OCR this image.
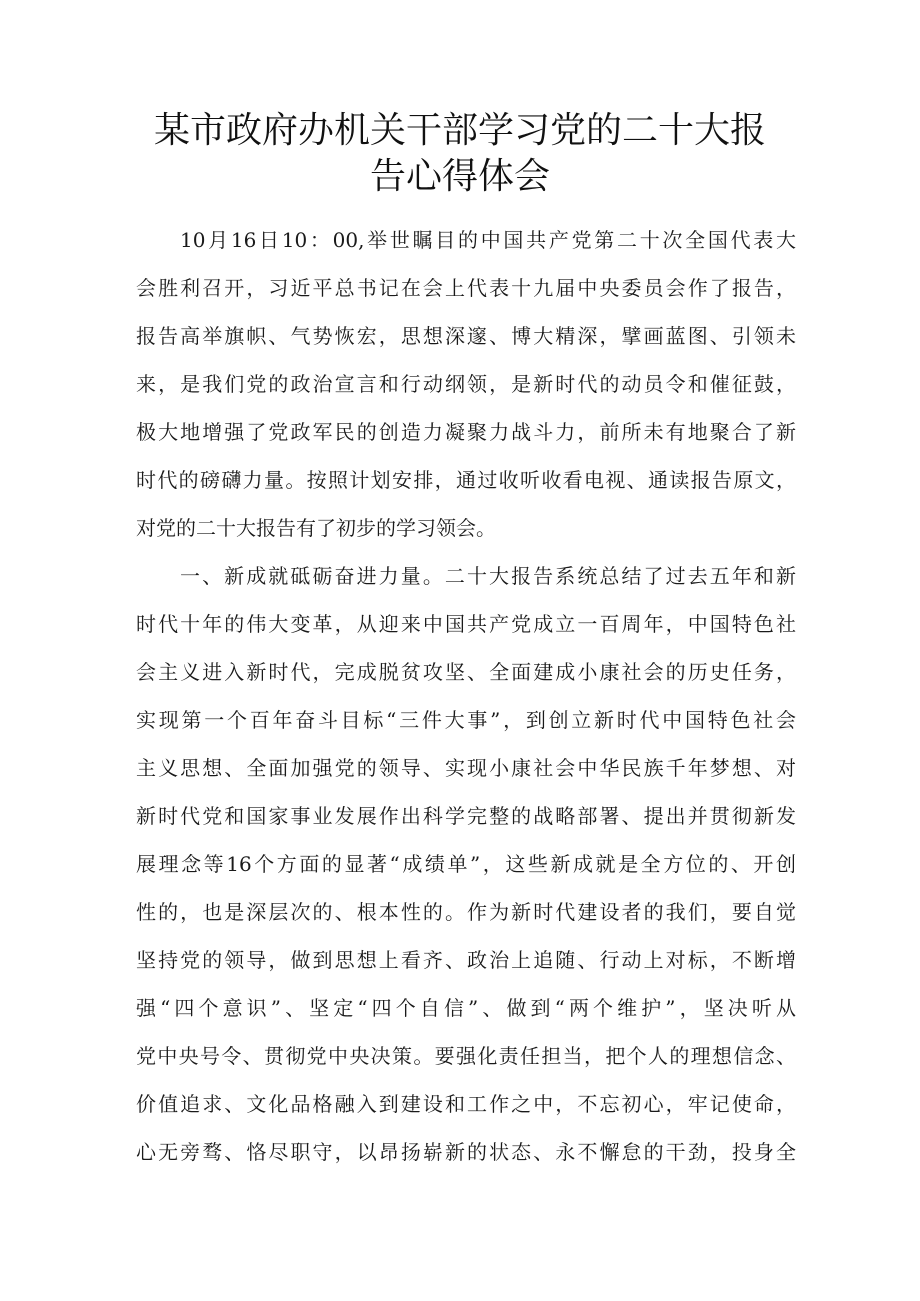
某市政府办机关干部学习党的二十大报
告心得体会
10月16日10：00,举世瞩目的中国共产党第二十次全国代表大
会胜利召开，习近平总书记在会上代表十九届中央委员会作了报告，
报告高举旗帜、气势恢宏，思想深邃、博大精深，擘画蓝图、引领未
来，是我们党的政治宣言和行动纲领，是新时代的动员令和催征鼓，
极大地增强了党政军民的创造力凝聚力战斗力，前所未有地聚合了新
时代的磅礴力量。按照计划安排，通过收听收看电视、通读报告原文，
对党的二十大报告有了初步的学习领会。
一、新成就砥砺奋进力量。二十大报告系统总结了过去五年和新
时代十年的伟大变革，从迎来中国共产党成立一百周年，中国特色社
会主义进入新时代，完成脱贫攻坚、全面建成小康社会的历史任务，
实现第一个百年奋斗目标“三件大事”，到创立新时代中国特色社会
主义思想、全面加强党的领导、实现小康社会中华民族千年梦想、对
新时代党和国家事业发展作出科学完整的战略部署、提出并贯彻新发
展理念等16个方面的显著“成绩单”，这些新成就是全方位的、开创
性的，也是深层次的、根本性的。作为新时代建设者的我们，要自觉
坚持党的领导，做到思想上看齐、政治上追随、行动上对标，不断增
强“四个意识”、坚定“四个自信”、做到“两个维护”，坚决听从
党中央号令、贯彻党中央决策。要强化责任担当，把个人的理想信念、
价值追求、文化品格融入到建设和工作之中，不忘初心，牢记使命，
心无旁骛、恪尽职守，以昂扬崭新的状态、永不懈怠的干劲，投身全
